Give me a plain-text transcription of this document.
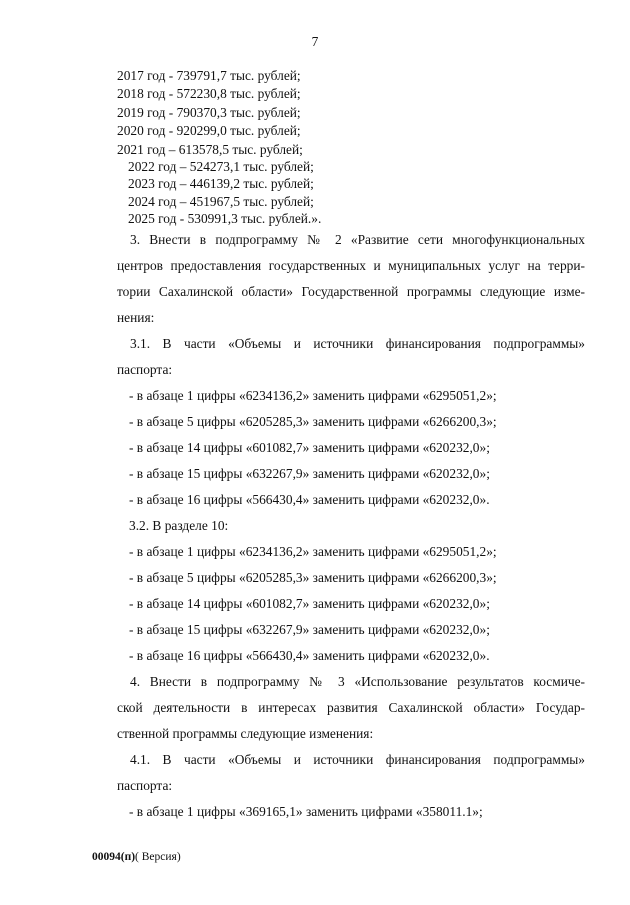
7
2017 год - 739791,7 тыс. рублей;
2018 год - 572230,8 тыс. рублей;
2019 год - 790370,3 тыс. рублей;
2020 год - 920299,0 тыс. рублей;
2021 год – 613578,5 тыс. рублей;
2022 год – 524273,1 тыс. рублей;
2023 год – 446139,2 тыс. рублей;
2024 год – 451967,5 тыс. рублей;
2025 год - 530991,3 тыс. рублей.».

3. Внести в подпрограмму № 2 «Развитие сети многофункциональных

центров предоставления государственных и муниципальных услуг на терри-

тории Сахалинской области» Государственной программы следующие изме-

нения:

3.1. В части «Объемы и источники финансирования подпрограммы»

паспорта:

- в абзаце 1 цифры «6234136,2» заменить цифрами «6295051,2»;
- в абзаце 5 цифры «6205285,3» заменить цифрами «6266200,3»;
- в абзаце 14 цифры «601082,7» заменить цифрами «620232,0»;
- в абзаце 15 цифры «632267,9» заменить цифрами «620232,0»;
- в абзаце 16 цифры «566430,4» заменить цифрами «620232,0».
3.2. В разделе 10:
- в абзаце 1 цифры «6234136,2» заменить цифрами «6295051,2»;
- в абзаце 5 цифры «6205285,3» заменить цифрами «6266200,3»;
- в абзаце 14 цифры «601082,7» заменить цифрами «620232,0»;
- в абзаце 15 цифры «632267,9» заменить цифрами «620232,0»;
- в абзаце 16 цифры «566430,4» заменить цифрами «620232,0».

4. Внести в подпрограмму № 3 «Использование результатов космиче-

ской деятельности в интересах развития Сахалинской области» Государ-

ственной программы следующие изменения:

4.1. В части «Объемы и источники финансирования подпрограммы»

паспорта:

- в абзаце 1 цифры «369165,1» заменить цифрами «358011.1»;
00094(п)( Версия)
